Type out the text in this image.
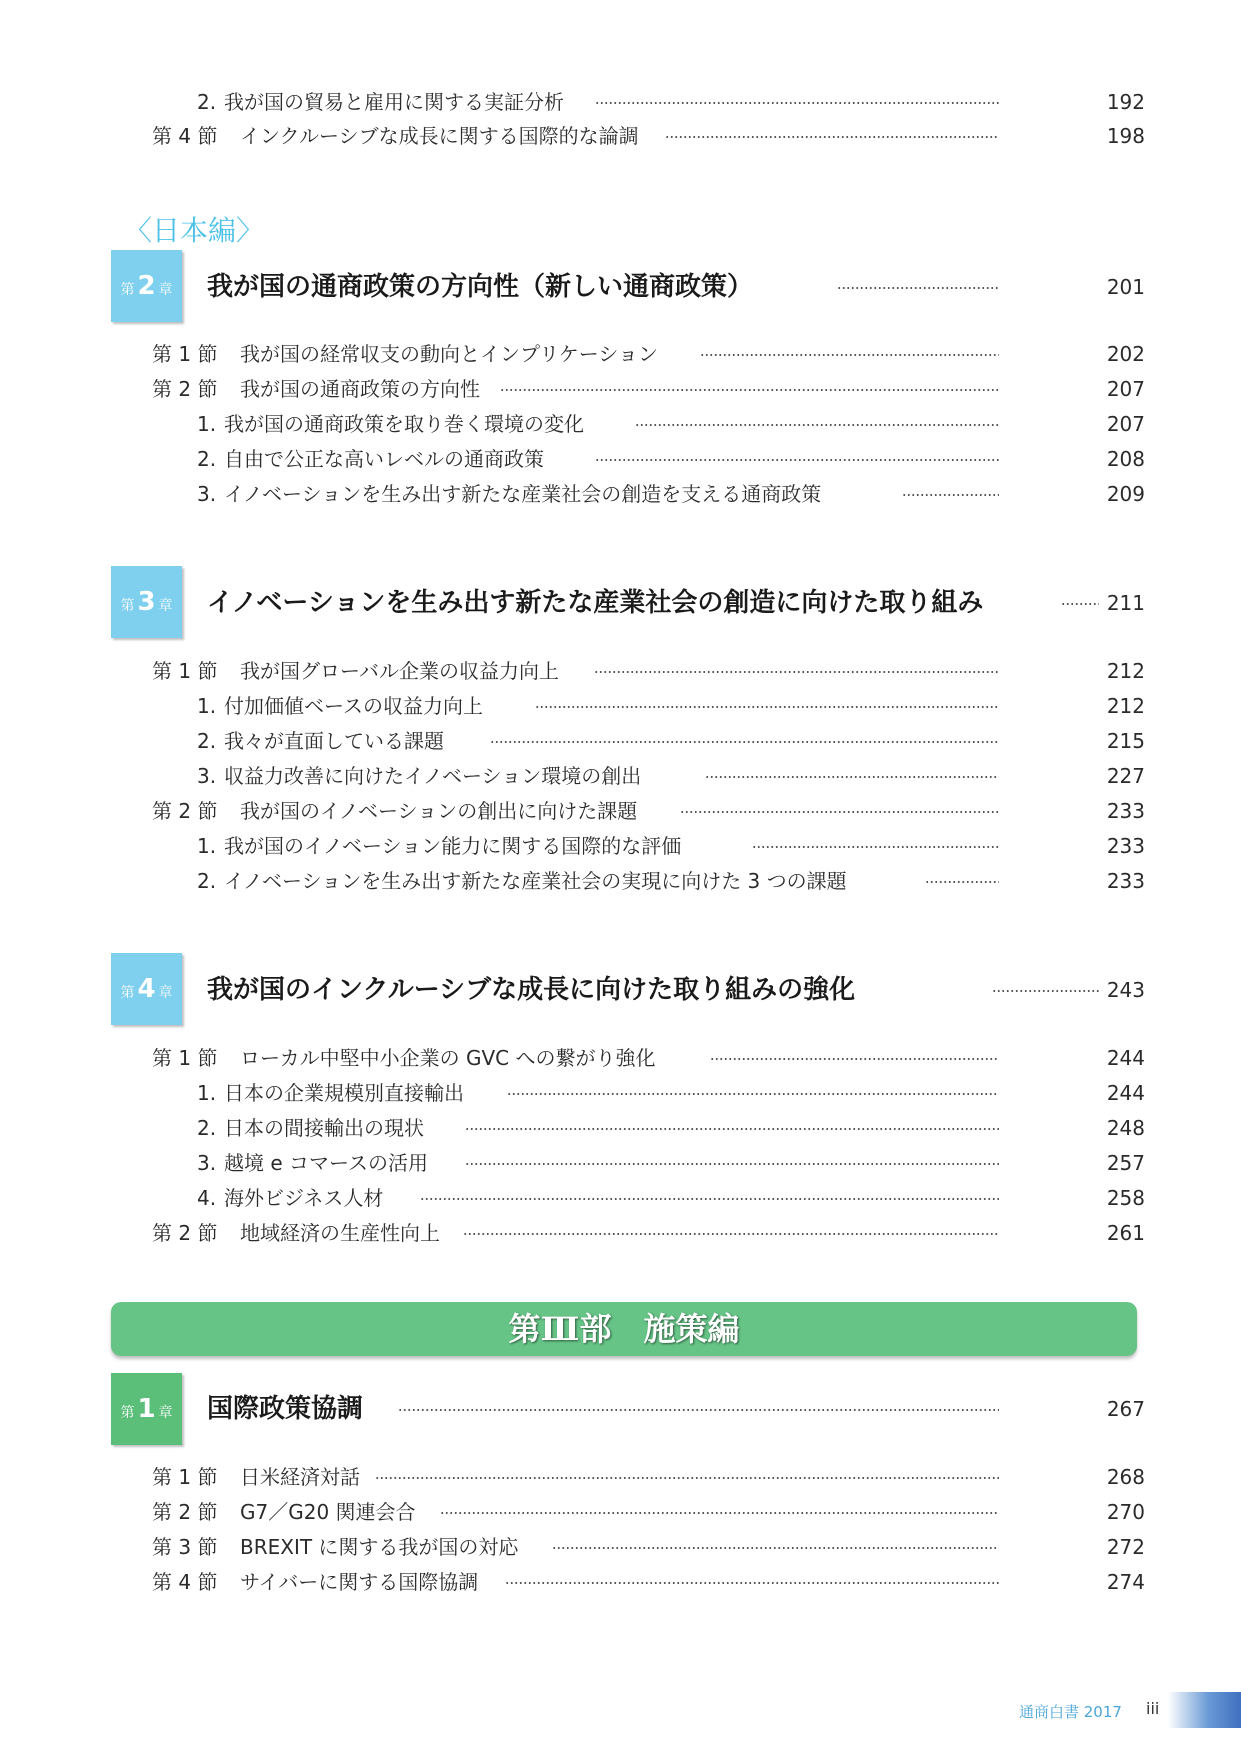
2. 我が国の貿易と雇用に関する実証分析	192
第 4 節 インクルーシブな成長に関する国際的な論調	198
〈日本編〉
第 2 章	我が国の通商政策の方向性（新しい通商政策）	201
第 1 節 我が国の経常収支の動向とインプリケーション	202
第 2 節 我が国の通商政策の方向性	207
1. 我が国の通商政策を取り巻く環境の変化	207
2. 自由で公正な高いレベルの通商政策	208
3. イノベーションを生み出す新たな産業社会の創造を支える通商政策	209
第 3 章	イノベーションを生み出す新たな産業社会の創造に向けた取り組み	211
第 1 節 我が国グローバル企業の収益力向上	212
1. 付加価値ベースの収益力向上	212
2. 我々が直面している課題	215
3. 収益力改善に向けたイノベーション環境の創出	227
第 2 節 我が国のイノベーションの創出に向けた課題	233
1. 我が国のイノベーション能力に関する国際的な評価	233
2. イノベーションを生み出す新たな産業社会の実現に向けた 3 つの課題	233
第 4 章	我が国のインクルーシブな成長に向けた取り組みの強化	243
第 1 節 ローカル中堅中小企業の GVC への繋がり強化	244
1. 日本の企業規模別直接輸出	244
2. 日本の間接輸出の現状	248
3. 越境 e コマースの活用	257
4. 海外ビジネス人材	258
第 2 節 地域経済の生産性向上	261
第Ⅲ部　施策編
第 1 章	国際政策協調	267
第 1 節 日米経済対話	268
第 2 節 G7／G20 関連会合	270
第 3 節 BREXIT に関する我が国の対応	272
第 4 節 サイバーに関する国際協調	274
通商白書 2017 iii
